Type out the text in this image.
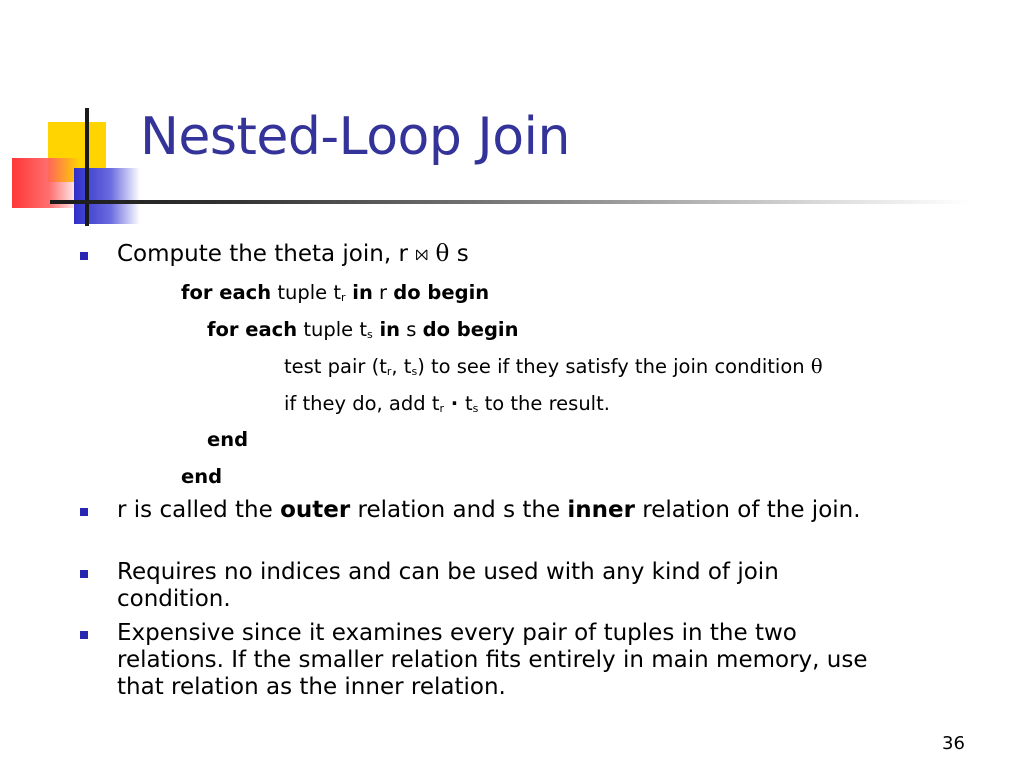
Nested-Loop Join

Compute the theta join, r ⨝ θ s

for each tuple tr in r do begin
for each tuple ts in s do begin
test pair (tr, ts) to see if they satisfy the join condition θ
if they do, add tr · ts to the result.
end
end

r is called the outer relation and s the inner relation of the join.

Requires no indices and can be used with any kind of join condition.

Expensive since it examines every pair of tuples in the two relations. If the smaller relation fits entirely in main memory, use that relation as the inner relation.

36
